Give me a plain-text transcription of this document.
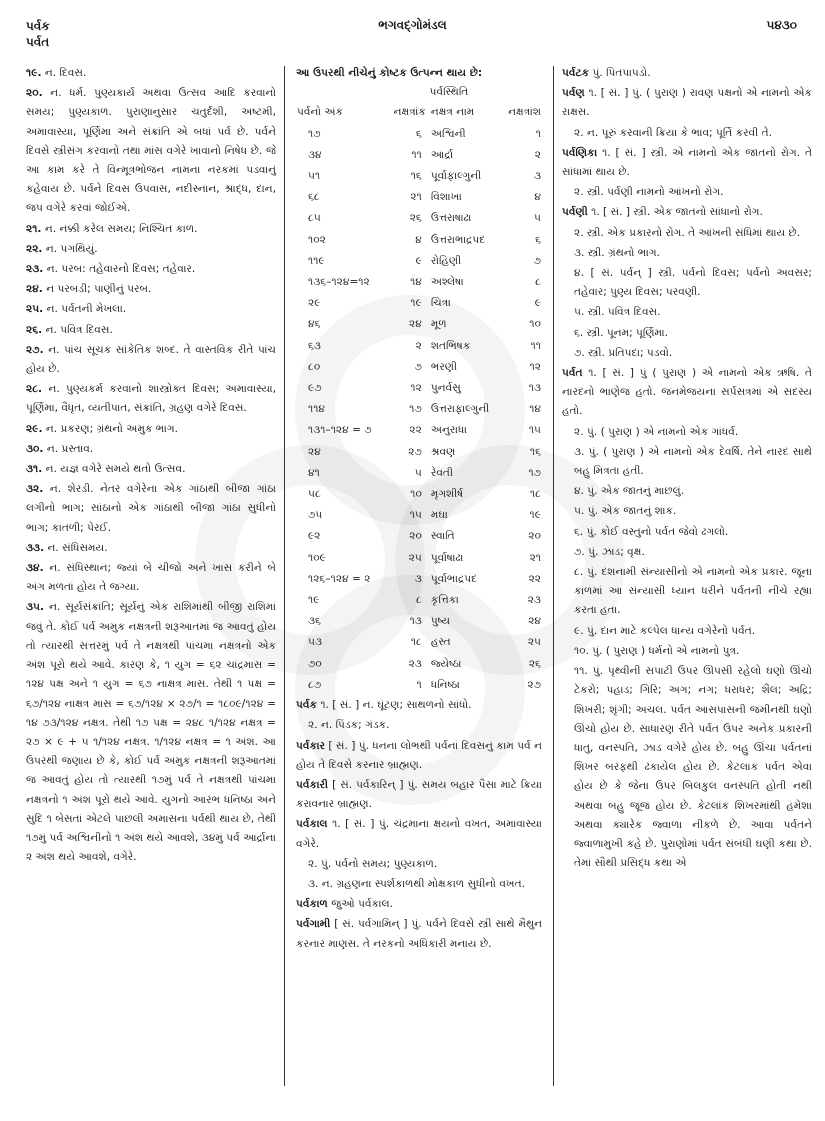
પર્વક
પર્વત
ભગવદ્ગોમંડલ	૫૪૩૦
૧૯. ન. દિવસ.
૨૦. ન. ધર્મ. પુણ્યકાર્ય અથવા ઉત્સવ આદિ કરવાનો સમય; પુણ્યકાળ. પુરાણાનુસાર ચતુર્દશી, અષ્ટમી, અમાવાસ્યા, પૂર્ણિમા અને સંક્રાંતિ એ બધાં પર્વ છે. પર્વને દિવસે સ્ત્રીસંગ કરવાનો તથા માંસ વગેરે ખાવાનો નિષેધ છે. જે આ કામ કરે તે વિન્મૂત્રભોજન નામના નરકમાં પડવાનું કહેવાય છે. પર્વને દિવસ ઉપવાસ, નદીસ્નાન, શ્રાદ્ધ, દાન, જપ વગેરે કરવાં જોઈએ.
૨૧. ન. નક્કી કરેલ સમય; નિશ્ચિત કાળ.
૨૨. ન. પગથિયું.
૨૩. ન. પરબ: તહેવારનો દિવસ; તહેવાર.
૨૪. ન પરબડી; પાણીનું પરબ.
૨૫. ન. પર્વતની મેખલા.
૨૬. ન. પવિત્ર દિવસ.
૨૭. ન. પાંચ સૂચક સાંકેતિક શબ્દ. તે વાસ્તવિક રીતે પાંચ હોય છે.
૨૮. ન. પુણ્યકર્મ કરવાનો શાસ્ત્રોક્ત દિવસ; અમાવાસ્યા, પૂર્ણિમા, વૈધૃત, વ્યતીપાત, સંક્રાંતિ, ગ્રહણ વગેરે દિવસ.
૨૯. ન. પ્રકરણ; ગ્રંથનો અમુક ભાગ.
૩૦. ન. પ્રસ્તાવ.
૩૧. ન. યજ્ઞ વગેરે સમયે થતો ઉત્સવ.
૩૨. ન. શેરડી. નેતર વગેરેના એક ગાંઠાથી બીજા ગાંઠા લગીનો ભાગ; સાંઠાનો એક ગાંઠાથી બીજા ગાંઠા સુધીનો ભાગ; કાતળી; પેરઈ.
૩૩. ન. સંધિસમય.
૩૪. ન. સંધિસ્થાન; જ્યાં બે ચીજો અને ખાસ કરીને બે અંગ મળતાં હોય તે જગ્યા.
૩૫. ન. સૂર્યસંક્રાંતિ; સૂર્યનું એક રાશિમાંથી બીજી રાશિમાં જવું તે. કોઈ પર્વ અમુક નક્ષત્રની શરૂઆતમાં જ આવતું હોય તો ત્યારથી સત્તરમું પર્વ તે નક્ષત્રથી પાંચમા નક્ષત્રનો એક અંશ પૂરો થયે આવે. કારણ કે, ૧ યુગ = ૬૨ ચાંદ્રમાસ = ૧૨૪ પક્ષ અને ૧ યુગ = ૬૭ નાક્ષત્ર માસ. તેથી ૧ પક્ષ = ૬૭/૧૨૪ નાક્ષત્ર માસ = ૬૭/૧૨૪ × ૨૭/૧ = ૧૮૦૯/૧૨૪ = ૧૪ ૭૩/૧૨૪ નક્ષત્ર. તેથી ૧૭ પક્ષ = ૨૪૮ ૧/૧૨૪ નક્ષત્ર = ૨૭ × ૯ + ૫ ૧/૧૨૪ નક્ષત્ર. ૧/૧૨૪ નક્ષત્ર = ૧ અંશ. આ ઉપરથી જણાય છે કે, કોઈ પર્વ અમુક નક્ષત્રની શરૂઆતમાં જ આવતું હોય તો ત્યારથી ૧૭મું પર્વ તે નક્ષત્રથી પાંચમા નક્ષત્રનો ૧ અંશ પૂરો થયે આવે. યુગનો આરંભ ધનિષ્ઠા અને સુદિ ૧ બેસતાં એટલે પાછલી અમાસના પર્વથી થાય છે, તેથી ૧૭મું પર્વ અશ્વિનીનો ૧ અંશ થયે આવશે, ૩૪મું પર્વ આર્દ્રાના ૨ અંશ થયે આવશે, વગેરે.
આ ઉપરથી નીચેનું કોષ્ટક ઉત્પન્ન થાય છે:
પર્વસ્થિતિ
પર્વનો અંક	નક્ષત્રાંક	નક્ષત્ર નામ	નક્ષત્રાંશ
૧૭	૬	અશ્વિની	૧
૩૪	૧૧	આર્દ્રા	૨
૫૧	૧૬	પૂર્વાફાલ્ગુની	૩
૬૮	૨૧	વિશાખા	૪
૮૫	૨૬	ઉત્તરાષાઢા	૫
૧૦૨	૪	ઉત્તરાભાદ્રપદ	૬
૧૧૯	૯	રોહિણી	૭
૧૩૬–૧૨૪=૧૨	૧૪	અશ્લેષા	૮
૨૯	૧૯	ચિત્રા	૯
૪૬	૨૪	મૂળ	૧૦
૬૩	૨	શતભિષક	૧૧
૮૦	૭	ભરણી	૧૨
૯૭	૧૨	પુનર્વસુ	૧૩
૧૧૪	૧૭	ઉત્તરાફાલ્ગુની	૧૪
૧૩૧–૧૨૪ = ૭	૨૨	અનુરાધા	૧૫
૨૪	૨૭	શ્રવણ	૧૬
૪૧	૫	રેવતી	૧૭
૫૮	૧૦	મૃગશીર્ષ	૧૮
૭૫	૧૫	મઘા	૧૯
૯૨	૨૦	સ્વાતિ	૨૦
૧૦૯	૨૫	પૂર્વાષાઢા	૨૧
૧૨૬–૧૨૪ = ૨	૩	પૂર્વાભાદ્રપદ	૨૨
૧૯	૮	કૃત્તિકા	૨૩
૩૬	૧૩	પુષ્ય	૨૪
૫૩	૧૮	હસ્ત	૨૫
૭૦	૨૩	જ્યેષ્ઠા	૨૬
૮૭	૧	ધનિષ્ઠા	૨૭
પર્વક ૧. [ સં. ] ન. ઘૂંટણ; સાથળનો સાંધો.
૨. ન. પિંડક; ગંડક.
પર્વકાર [ સં. ] પું. ધનના લોભથી પર્વનાં દિવસનું કામ પર્વ ન હોય તે દિવસે કરનાર બ્રાહ્મણ.
પર્વકારી [ સં. પર્વકારિન્ ] પું. સમય બહાર પૈસા માટે ક્રિયા કરાવનાર બ્રાહ્મણ.
પર્વકાલ ૧. [ સં. ] પું. ચંદ્રમાના ક્ષયનો વખત, અમાવાસ્યા વગેરે.
૨. પું. પર્વનો સમય; પુણ્યકાળ.
૩. ન. ગ્રહણના સ્પર્શકાળથી મોક્ષકાળ સુધીનો વખત.
પર્વકાળ જુઓ પર્વકાલ.
પર્વગામી [ સં. પર્વગામિન્ ] પું. પર્વને દિવસે સ્ત્રી સાથે મૈથુન કરનાર માણસ. તે નરકનો અધિકારી મનાય છે.
પર્વટક પું. પિતપાપડો.
પર્વણ ૧. [ સં. ] પું. ( પુરાણ ) રાવણ પક્ષનો એ નામનો એક રાક્ષસ.
૨. ન. પૂરું કરવાની ક્રિયા કે ભાવ; પૂર્તિ કરવી તે.
પર્વણિકા ૧. [ સં. ] સ્ત્રી. એ નામનો એક જાતનો રોગ. તે સાંધામાં થાય છે.
૨. સ્ત્રી. પર્વણી નામનો આંખનો રોગ.
પર્વણી ૧. [ સં. ] સ્ત્રી. એક જાતનો સાંધાનો રોગ.
૨. સ્ત્રી. એક પ્રકારનો રોગ. તે આંખની સંધિમાં થાય છે.
૩. સ્ત્રી. ગ્રંથનો ભાગ.
૪. [ સં. પર્વન્ ] સ્ત્રી. પર્વનો દિવસ; પર્વનો અવસર; તહેવાર; પુણ્ય દિવસ; પરવણી.
૫. સ્ત્રી. પવિત્ર દિવસ.
૬. સ્ત્રી. પૂનમ; પૂર્ણિમા.
૭. સ્ત્રી. પ્રતિપદા; પડવો.
પર્વત ૧. [ સં. ] પું ( પુરાણ ) એ નામનો એક ઋષિ. તે નારદનો ભાણેજ હતો. જનમેજયના સર્પસત્રમાં એ સદસ્ય હતો.
૨. પું. ( પુરાણ ) એ નામનો એક ગાંધર્વ.
૩. પું. ( પુરાણ ) એ નામનો એક દેવર્ષિ. તેને નારદ સાથે બહુ મિત્રતા હતી.
૪. પું. એક જાતનું માછલું.
૫. પું. એક જાતનું શાક.
૬. પું. કોઈ વસ્તુનો પર્વત જેવો ઢગલો.
૭. પું. ઝાડ; વૃક્ષ.
૮. પું. દશનામી સંન્યાસીનો એ નામનો એક પ્રકાર. જૂના કાળમાં આ સંન્યાસી ધ્યાન ધરીને પર્વતની નીચે રહ્યા કરતા હતા.
૯. પું. દાન માટે કલ્પેલ ધાન્ય વગેરેનો પર્વત.
૧૦. પું. ( પુરાણ ) ધર્મનો એ નામનો પુત્ર.
૧૧. પું. પૃથ્વીની સપાટી ઉપર ઊપસી રહેલો ઘણો ઊંચો ટેકરો; પહાડ; ગિરિ; અગ; નગ; ધરાધર; શૈલ; અદ્રિ; શિખરી; શૃંગી; અચલ. પર્વત આસપાસની જમીનથી ઘણો ઊંચો હોય છે. સાધારણ રીતે પર્વત ઉપર અનેક પ્રકારની ધાતુ, વનસ્પતિ, ઝાડ વગેરે હોય છે. બહુ ઊંચા પર્વતનાં શિખર બરફથી ઢંકાયેલ હોય છે. કેટલાક પર્વત એવા હોય છે કે જેના ઉપર બિલકુલ વનસ્પતિ હોતી નથી અથવા બહુ જૂજ હોય છે. કેટલાંક શિખરમાંથી હમેશા અથવા ક્યારેક જ્વાળા નીકળે છે. આવા પર્વતને જ્વાળામુખી કહે છે. પુરાણોમાં પર્વત સંબંધી ઘણી કથા છે. તેમાં સૌથી પ્રસિદ્ધ કથા એ
